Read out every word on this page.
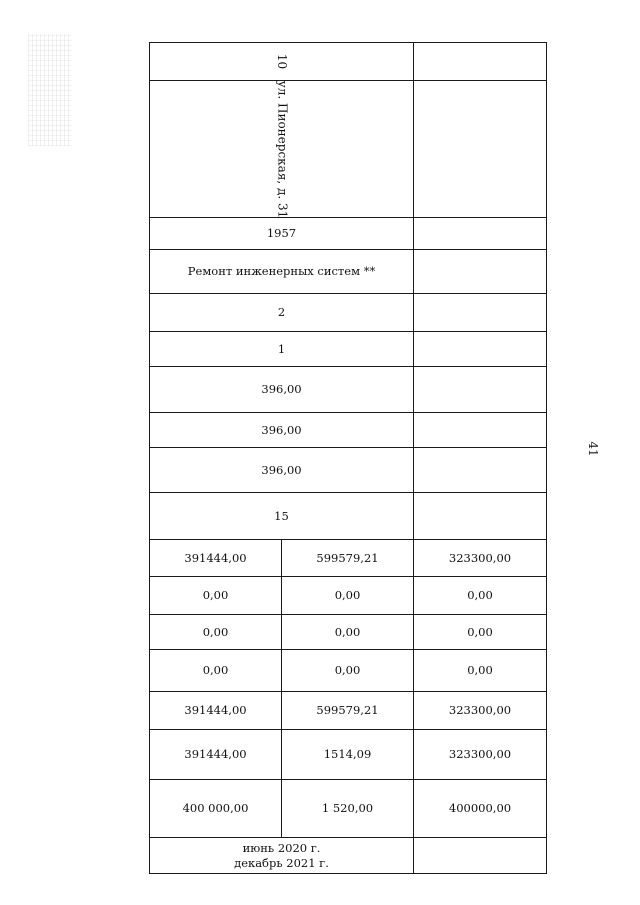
41
10		
ул. Пионерская, д. 31		
1957		
Ремонт инженерных систем **		
2		
1		
396,00		
396,00		
396,00		
15		
391444,00	599579,21	323300,00
0,00	0,00	0,00
0,00	0,00	0,00
0,00	0,00	0,00
391444,00	599579,21	323300,00
391444,00	1514,09	323300,00
400 000,00	1 520,00	400000,00
июнь 2020 г.
декабрь 2021 г.		
